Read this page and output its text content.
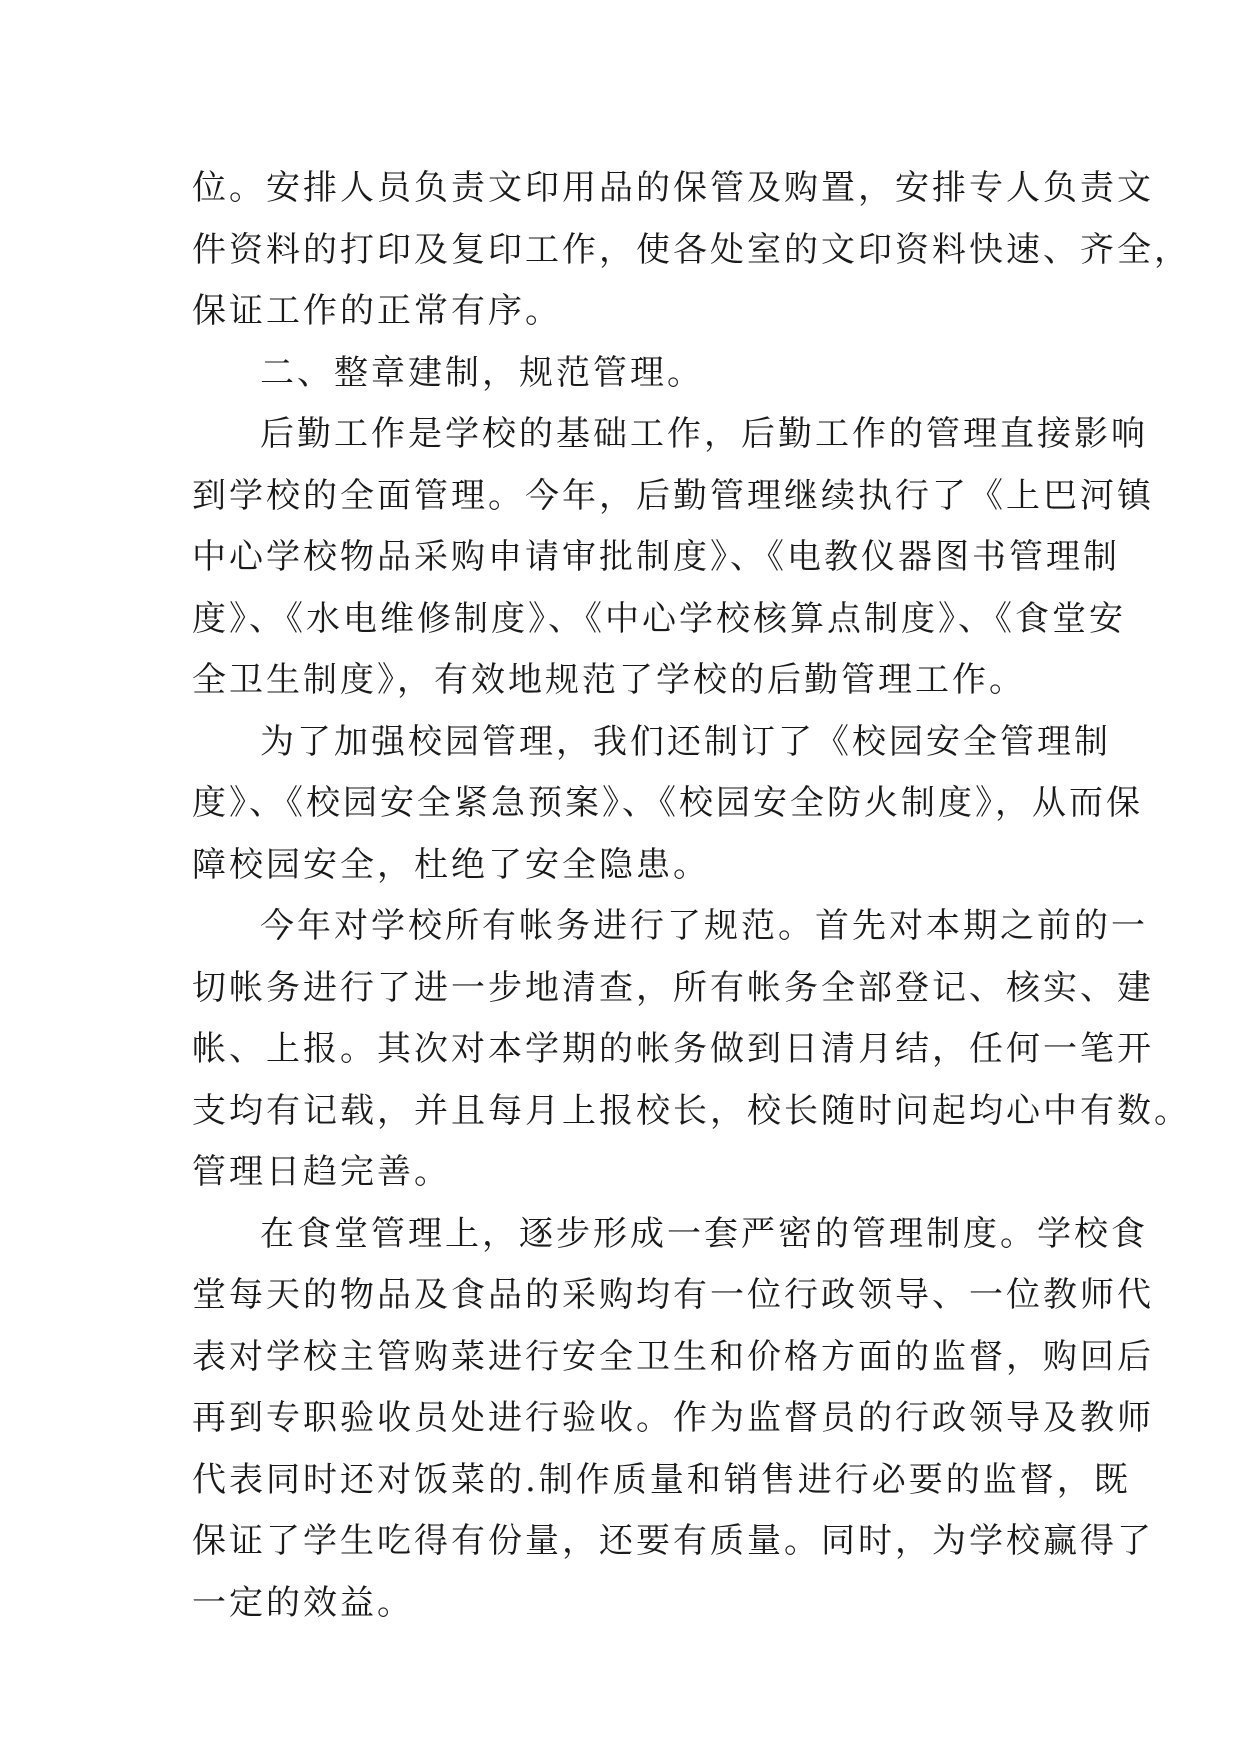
位。安排人员负责文印用品的保管及购置，安排专人负责文
件资料的打印及复印工作，使各处室的文印资料快速、齐全，
保证工作的正常有序。
二、整章建制，规范管理。
后勤工作是学校的基础工作，后勤工作的管理直接影响
到学校的全面管理。今年，后勤管理继续执行了《上巴河镇
中心学校物品采购申请审批制度》、《电教仪器图书管理制
度》、《水电维修制度》、《中心学校核算点制度》、《食堂安
全卫生制度》，有效地规范了学校的后勤管理工作。
为了加强校园管理，我们还制订了《校园安全管理制
度》、《校园安全紧急预案》、《校园安全防火制度》，从而保
障校园安全，杜绝了安全隐患。
今年对学校所有帐务进行了规范。首先对本期之前的一
切帐务进行了进一步地清查，所有帐务全部登记、核实、建
帐、上报。其次对本学期的帐务做到日清月结，任何一笔开
支均有记载，并且每月上报校长，校长随时问起均心中有数。
管理日趋完善。
在食堂管理上，逐步形成一套严密的管理制度。学校食
堂每天的物品及食品的采购均有一位行政领导、一位教师代
表对学校主管购菜进行安全卫生和价格方面的监督，购回后
再到专职验收员处进行验收。作为监督员的行政领导及教师
代表同时还对饭菜的.制作质量和销售进行必要的监督，既
保证了学生吃得有份量，还要有质量。同时，为学校赢得了
一定的效益。
